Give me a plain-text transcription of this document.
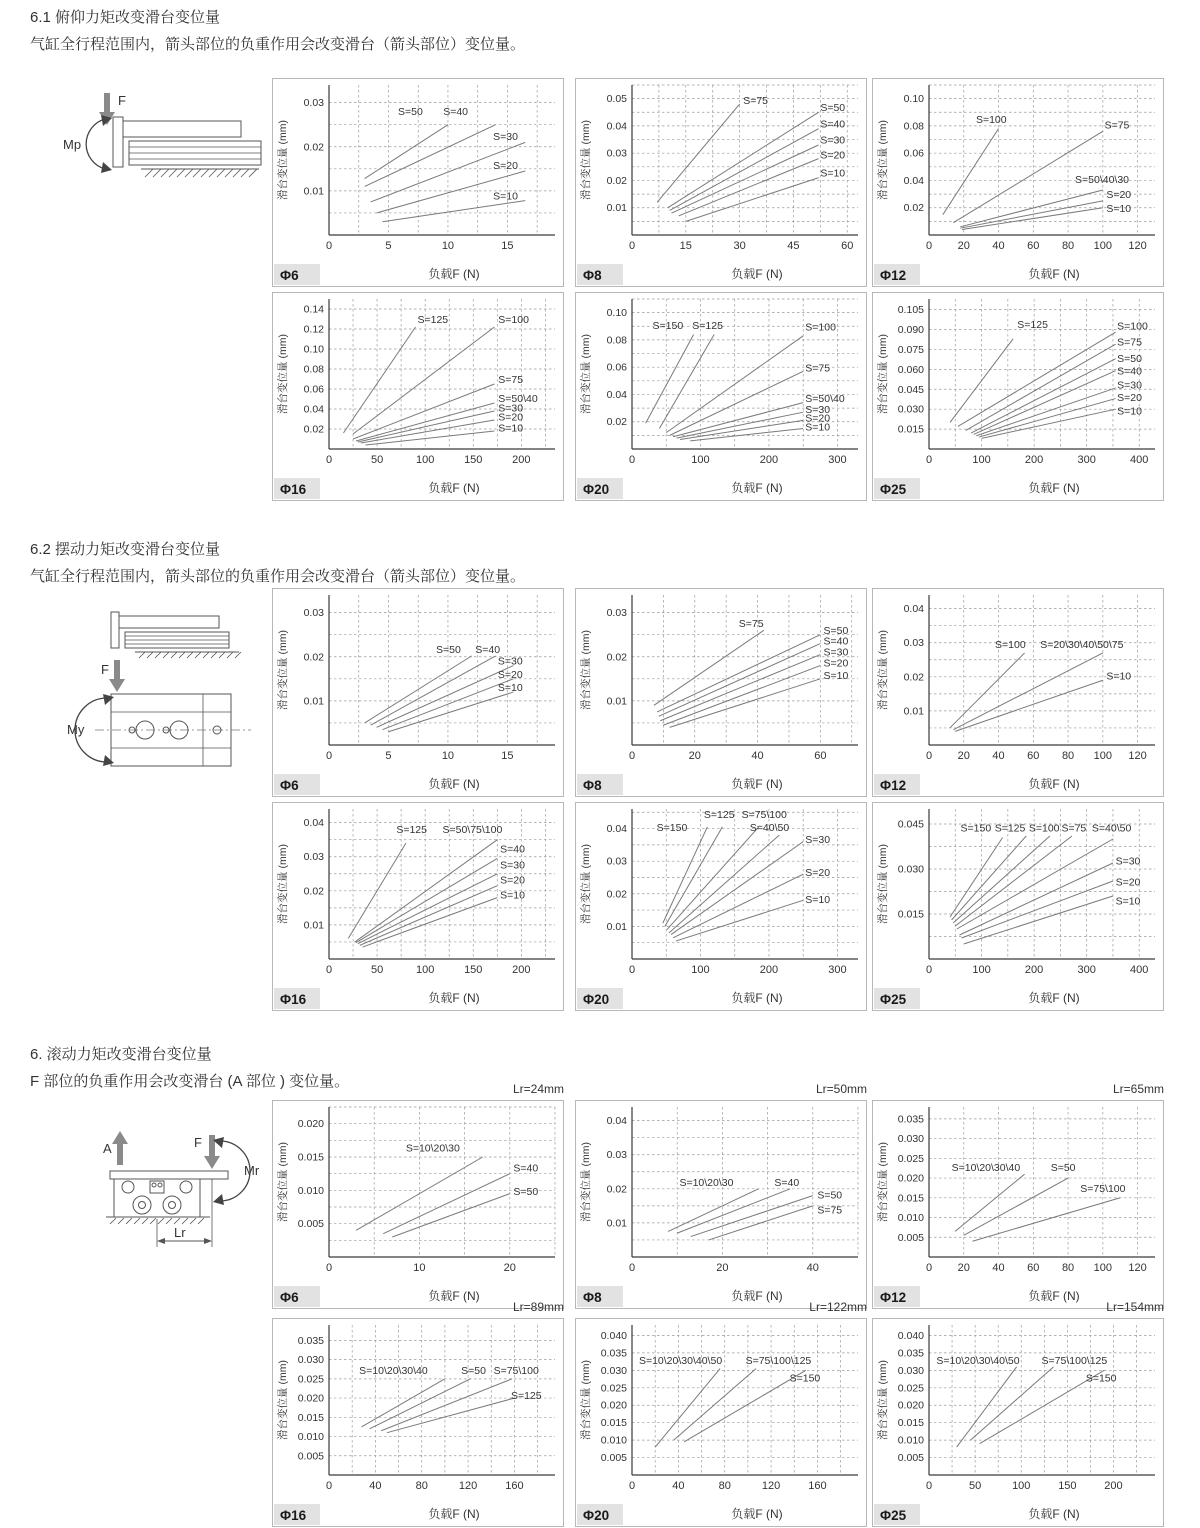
6.1 俯仰力矩改变滑台变位量
气缸全行程范围内，箭头部位的负重作用会改变滑台（箭头部位）变位量。
F
Mp
6.2 摆动力矩改变滑台变位量
气缸全行程范围内，箭头部位的负重作用会改变滑台（箭头部位）变位量。
F
My
6. 滚动力矩改变滑台变位量
F 部位的负重作用会改变滑台 (A 部位 ) 变位量。
A	F
Mr
Lr
S=50 S=40
S=30
S=20
S=10
0	5	10	15
0.01
0.02
0.03
负载F (N)
滑台变位量 (mm)
Φ6
S=75
S=50
S=40
S=30
S=20
S=10
0	15	30	45	60
0.01
0.02
0.03
0.04
0.05
负载F (N)
滑台变位量 (mm)
Φ8
S=100	S=75
S=50\40\30
S=20
S=10
0 20 40 60 80 100 120
0.02
0.04
0.06
0.08
0.10
负载F (N)
滑台变位量 (mm)
Φ12
S=125	S=100
S=75
S=50\40
S=30
S=20
S=10
0	50	100	150	200
0.02
0.04
0.06
0.08
0.10
0.12
0.14
负载F (N)
滑台变位量 (mm)
Φ16
S=150 S=125	S=100
S=75
S=50\40
S=30
S=20
S=10
0	100	200	300
0.02
0.04
0.06
0.08
0.10
负载F (N)
滑台变位量 (mm)
Φ20
S=125	S=100
S=75
S=50
S=40
S=30
S=20
S=10
0	100	200	300	400
0.015
0.030
0.045
0.060
0.075
0.090
0.105
负载F (N)
滑台变位量 (mm)
Φ25
S=50 S=40
S=30
S=20
S=10
0	5	10	15
0.01
0.02
0.03
负载F (N)
滑台变位量 (mm)
Φ6
S=75
S=50
S=40
S=30
S=20
S=10
0	20	40	60
0.01
0.02
0.03
负载F (N)
滑台变位量 (mm)
Φ8
S=100 S=20\30\40\50\75
S=10
0 20 40 60 80 100 120
0.01
0.02
0.03
0.04
负载F (N)
滑台变位量 (mm)
Φ12
S=125 S=50\75\100
S=40
S=30
S=20
S=10
0	50	100	150	200
0.01
0.02
0.03
0.04
负载F (N)
滑台变位量 (mm)
Φ16
S=150
S=125 S=75\100
S=40\50
S=30
S=20
S=10
0	100	200	300
0.01
0.02
0.03
0.04
负载F (N)
滑台变位量 (mm)
Φ20
S=150 S=125 S=100 S=75 S=40\50
S=30
S=20
S=10
0	100	200	300	400
0.015
0.030
0.045
负载F (N)
滑台变位量 (mm)
Φ25
Lr=24mm
S=10\20\30
S=40
S=50
0	10	20
0.005
0.010
0.015
0.020
负载F (N)
滑台变位量 (mm)
Φ6
Lr=50mm
S=10\20\30	S=40
S=50
S=75
0	20	40
0.01
0.02
0.03
0.04
负载F (N)
滑台变位量 (mm)
Φ8
Lr=65mm
S=10\20\30\40	S=50
S=75\100
0 20 40 60 80 100 120
0.005
0.010
0.015
0.020
0.025
0.030
0.035
负载F (N)
滑台变位量 (mm)
Φ12
Lr=89mm
S=10\20\30\40	S=50 S=75\100
S=125
0	40	80	120	160
0.005
0.010
0.015
0.020
0.025
0.030
0.035
负载F (N)
滑台变位量 (mm)
Φ16
Lr=122mm
S=10\20\30\40\50 S=75\100\125
S=150
0	40	80	120	160
0.005
0.010
0.015
0.020
0.025
0.030
0.035
0.040
负载F (N)
滑台变位量 (mm)
Φ20
Lr=154mm
S=10\20\30\40\50 S=75\100\125
S=150
0	50	100	150	200
0.005
0.010
0.015
0.020
0.025
0.030
0.035
0.040
负载F (N)
滑台变位量 (mm)
Φ25
